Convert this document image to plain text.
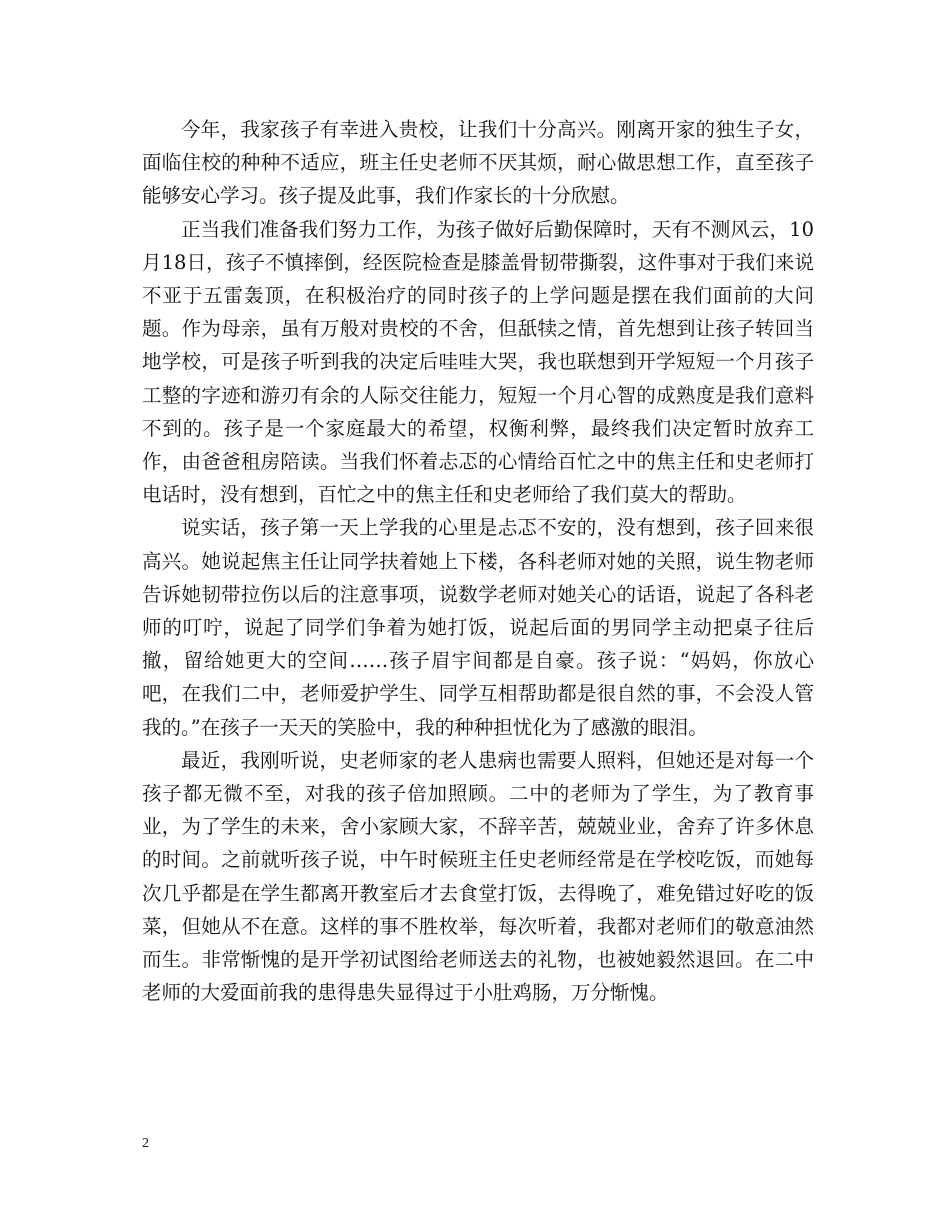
今年，我家孩子有幸进入贵校，让我们十分高兴。刚离开家的独生子女，面临住校的种种不适应，班主任史老师不厌其烦，耐心做思想工作，直至孩子能够安心学习。孩子提及此事，我们作家长的十分欣慰。

正当我们准备我们努力工作，为孩子做好后勤保障时，天有不测风云，10月18日，孩子不慎摔倒，经医院检查是膝盖骨韧带撕裂，这件事对于我们来说不亚于五雷轰顶，在积极治疗的同时孩子的上学问题是摆在我们面前的大问题。作为母亲，虽有万般对贵校的不舍，但舐犊之情，首先想到让孩子转回当地学校，可是孩子听到我的决定后哇哇大哭，我也联想到开学短短一个月孩子工整的字迹和游刃有余的人际交往能力，短短一个月心智的成熟度是我们意料不到的。孩子是一个家庭最大的希望，权衡利弊，最终我们决定暂时放弃工作，由爸爸租房陪读。当我们怀着忐忑的心情给百忙之中的焦主任和史老师打电话时，没有想到，百忙之中的焦主任和史老师给了我们莫大的帮助。

说实话，孩子第一天上学我的心里是忐忑不安的，没有想到，孩子回来很高兴。她说起焦主任让同学扶着她上下楼，各科老师对她的关照，说生物老师告诉她韧带拉伤以后的注意事项，说数学老师对她关心的话语，说起了各科老师的叮咛，说起了同学们争着为她打饭，说起后面的男同学主动把桌子往后撤，留给她更大的空间……孩子眉宇间都是自豪。孩子说：“妈妈，你放心吧，在我们二中，老师爱护学生、同学互相帮助都是很自然的事，不会没人管我的。”在孩子一天天的笑脸中，我的种种担忧化为了感激的眼泪。

最近，我刚听说，史老师家的老人患病也需要人照料，但她还是对每一个孩子都无微不至，对我的孩子倍加照顾。二中的老师为了学生，为了教育事业，为了学生的未来，舍小家顾大家，不辞辛苦，兢兢业业，舍弃了许多休息的时间。之前就听孩子说，中午时候班主任史老师经常是在学校吃饭，而她每次几乎都是在学生都离开教室后才去食堂打饭，去得晚了，难免错过好吃的饭菜，但她从不在意。这样的事不胜枚举，每次听着，我都对老师们的敬意油然而生。非常惭愧的是开学初试图给老师送去的礼物，也被她毅然退回。在二中老师的大爱面前我的患得患失显得过于小肚鸡肠，万分惭愧。

2
